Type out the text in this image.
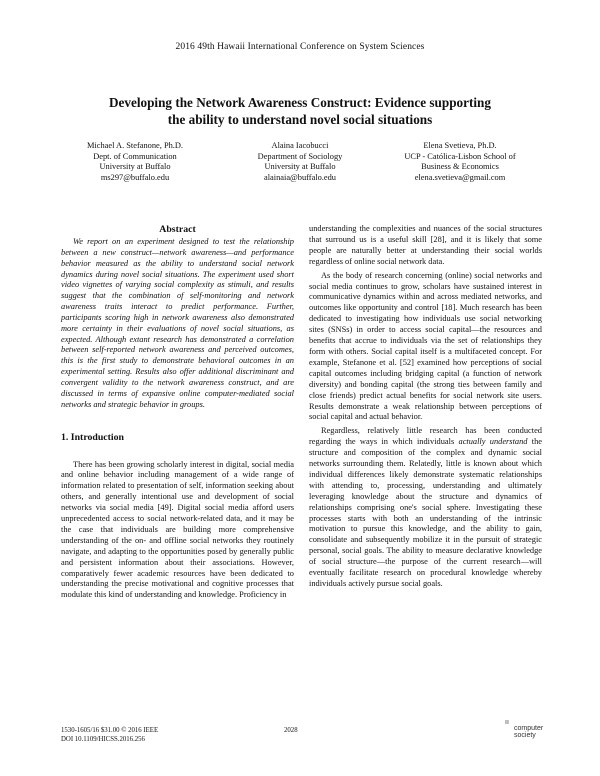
2016 49th Hawaii International Conference on System Sciences
Developing the Network Awareness Construct: Evidence supporting
the ability to understand novel social situations
Michael A. Stefanone, Ph.D.
Dept. of Communication
University at Buffalo
ms297@buffalo.edu
Alaina Iacobucci
Department of Sociology
University at Buffalo
alainaia@buffalo.edu
Elena Svetieva, Ph.D.
UCP - Católica-Lisbon School of
Business & Economics
elena.svetieva@gmail.com
Abstract

We report on an experiment designed to test the relationship between a new construct—network awareness—and performance behavior measured as the ability to understand social network dynamics during novel social situations. The experiment used short video vignettes of varying social complexity as stimuli, and results suggest that the combination of self-monitoring and network awareness traits interact to predict performance. Further, participants scoring high in network awareness also demonstrated more certainty in their evaluations of novel social situations, as expected. Although extant research has demonstrated a correlation between self-reported network awareness and perceived outcomes, this is the first study to demonstrate behavioral outcomes in an experimental setting. Results also offer additional discriminant and convergent validity to the network awareness construct, and are discussed in terms of expansive online computer-mediated social networks and strategic behavior in groups.

1. Introduction

There has been growing scholarly interest in digital, social media and online behavior including management of a wide range of information related to presentation of self, information seeking about others, and generally intentional use and development of social networks via social media [49]. Digital social media afford users unprecedented access to social network-related data, and it may be the case that individuals are building more comprehensive understanding of the on- and offline social networks they routinely navigate, and adapting to the opportunities posed by generally public and persistent information about their associations. However, comparatively fewer academic resources have been dedicated to understanding the precise motivational and cognitive processes that modulate this kind of understanding and knowledge. Proficiency in

understanding the complexities and nuances of the social structures that surround us is a useful skill [28], and it is likely that some people are naturally better at understanding their social worlds regardless of online social network data.

As the body of research concerning (online) social networks and social media continues to grow, scholars have sustained interest in communicative dynamics within and across mediated networks, and outcomes like opportunity and control [18]. Much research has been dedicated to investigating how individuals use social networking sites (SNSs) in order to access social capital—the resources and benefits that accrue to individuals via the set of relationships they form with others. Social capital itself is a multifaceted concept. For example, Stefanone et al. [52] examined how perceptions of social capital outcomes including bridging capital (a function of network diversity) and bonding capital (the strong ties between family and close friends) predict actual benefits for social network site users. Results demonstrate a weak relationship between perceptions of social capital and actual behavior.

Regardless, relatively little research has been conducted regarding the ways in which individuals actually understand the structure and composition of the complex and dynamic social networks surrounding them. Relatedly, little is known about which individual differences likely demonstrate systematic relationships with attending to, processing, understanding and ultimately leveraging knowledge about the structure and dynamics of relationships comprising one's social sphere. Investigating these processes starts with both an understanding of the intrinsic motivation to pursue this knowledge, and the ability to gain, consolidate and subsequently mobilize it in the pursuit of strategic personal, social goals. The ability to measure declarative knowledge of social structure—the purpose of the current research—will eventually facilitate research on procedural knowledge whereby individuals actively pursue social goals.

1530-1605/16 $31.00 © 2016 IEEE
DOI 10.1109/HICSS.2016.256
2028
ıı
computer
society
